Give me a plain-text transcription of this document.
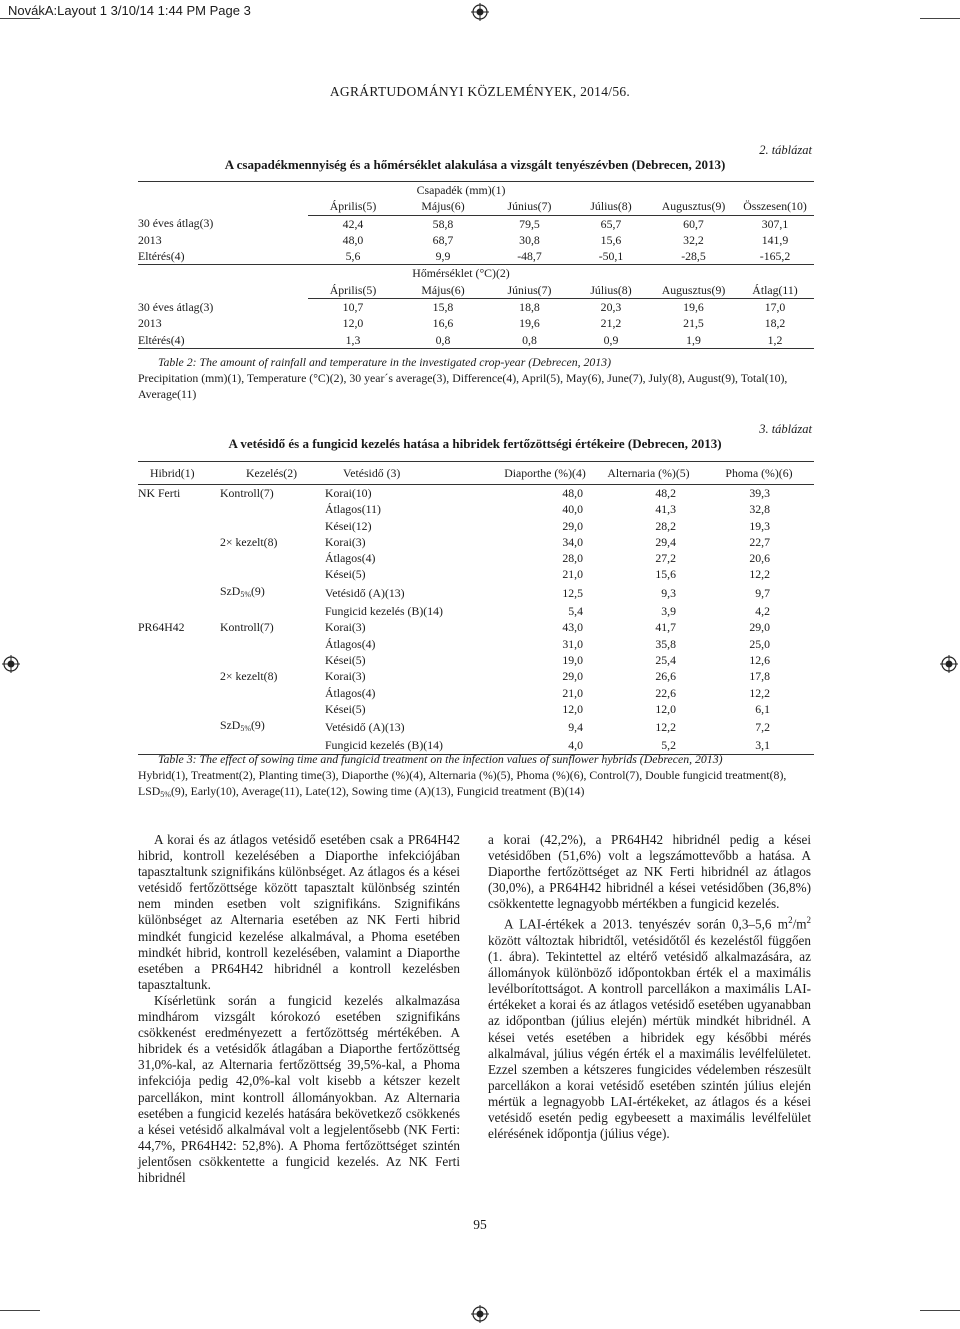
NovákA:Layout 1 3/10/14 1:44 PM Page 3
AGRÁRTUDOMÁNYI KÖZLEMÉNYEK, 2014/56.
2. táblázat
A csapadékmennyiség és a hőmérséklet alakulása a vizsgált tenyészévben (Debrecen, 2013)
	Csapadék (mm)(1)					
	Április(5)	Május(6)	Június(7)	Július(8)	Augusztus(9)	Összesen(10)
30 éves átlag(3)	42,4	58,8	79,5	65,7	60,7	307,1
2013	48,0	68,7	30,8	15,6	32,2	141,9
Eltérés(4)	5,6	9,9	-48,7	-50,1	-28,5	-165,2
	Hőmérséklet (°C)(2)					
	Április(5)	Május(6)	Június(7)	Július(8)	Augusztus(9)	Átlag(11)
30 éves átlag(3)	10,7	15,8	18,8	20,3	19,6	17,0
2013	12,0	16,6	19,6	21,2	21,5	18,2
Eltérés(4)	1,3	0,8	0,8	0,9	1,9	1,2
Table 2: The amount of rainfall and temperature in the investigated crop-year (Debrecen, 2013)
Precipitation (mm)(1), Temperature (°C)(2), 30 year´s average(3), Difference(4), April(5), May(6), June(7), July(8), August(9), Total(10), Average(11)
3. táblázat
A vetésidő és a fungicid kezelés hatása a hibridek fertőzöttségi értékeire (Debrecen, 2013)
Hibrid(1)	Kezelés(2)	Vetésidő (3)	Diaporthe (%)(4)	Alternaria (%)(5)	Phoma (%)(6)
NK Ferti	Kontroll(7)	Korai(10)	48,0	48,2	39,3
		Átlagos(11)	40,0	41,3	32,8
		Kései(12)	29,0	28,2	19,3
	2× kezelt(8)	Korai(3)	34,0	29,4	22,7
		Átlagos(4)	28,0	27,2	20,6
		Kései(5)	21,0	15,6	12,2
	SzD$_{5\%}$(9)	Vetésidő (A)(13)	12,5	9,3	9,7
		Fungicid kezelés (B)(14)	5,4	3,9	4,2
PR64H42	Kontroll(7)	Korai(3)	43,0	41,7	29,0
		Átlagos(4)	31,0	35,8	25,0
		Kései(5)	19,0	25,4	12,6
	2× kezelt(8)	Korai(3)	29,0	26,6	17,8
		Átlagos(4)	21,0	22,6	12,2
		Kései(5)	12,0	12,0	6,1
	SzD$_{5\%}$(9)	Vetésidő (A)(13)	9,4	12,2	7,2
		Fungicid kezelés (B)(14)	4,0	5,2	3,1
Table 3: The effect of sowing time and fungicid treatment on the infection values of sunflower hybrids (Debrecen, 2013)
Hybrid(1), Treatment(2), Planting time(3), Diaporthe (%)(4), Alternaria (%)(5), Phoma (%)(6), Control(7), Double fungicid treatment(8), $LSD_{5\%}(9)$, Early(10), Average(11), Late(12), Sowing time (A)(13), Fungicid treatment (B)(14)

A korai és az átlagos vetésidő esetében csak a PR64H42 hibrid, kontroll kezelésében a Diaporthe infekciójában tapasztaltunk szignifikáns különbséget. Az átlagos és a kései vetésidő fertőzöttsége között tapasztalt különbség szintén nem minden esetben volt szignifikáns. Szignifikáns különbséget az Alternaria esetében az NK Ferti hibrid mindkét fungicid kezelése alkalmával, a Phoma esetében mindkét hibrid, kontroll kezelésében, valamint a Diaporthe esetében a PR64H42 hibridnél a kontroll kezelésben tapasztaltunk.

Kísérletünk során a fungicid kezelés alkalmazása mindhárom vizsgált kórokozó esetében szignifikáns csökkenést eredményezett a fertőzöttség mértékében. A hibridek és a vetésidők átlagában a Diaporthe fertőzöttség 31,0%-kal, az Alternaria fertőzöttség 39,5%-kal, a Phoma infekciója pedig 42,0%-kal volt kisebb a kétszer kezelt parcellákon, mint kontroll állományokban. Az Alternaria esetében a fungicid kezelés hatására bekövetkező csökkenés a kései vetésidő alkalmával volt a legjelentősebb (NK Ferti: 44,7%, PR64H42: 52,8%). A Phoma fertőzöttséget szintén jelentősen csökkentette a fungicid kezelés. Az NK Ferti hibridnél

a korai (42,2%), a PR64H42 hibridnél pedig a kései vetésidőben (51,6%) volt a legszámottevőbb a hatása. A Diaporthe fertőzöttséget az NK Ferti hibridnél az átlagos (30,0%), a PR64H42 hibridnél a kései vetésidőben (36,8%) csökkentette legnagyobb mértékben a fungicid kezelés.

A LAI-értékek a 2013. tenyészév során 0,3–5,6 $m^2/m^2$ között változtak hibridtől, vetésidőtől és kezeléstől függően (1. ábra). Tekintettel az eltérő vetésidő alkalmazására, az állományok különböző időpontokban érték el a maximális levélborítottságot. A kontroll parcellákon a maximális LAI-értékeket a korai és az átlagos vetésidő esetében ugyanabban az időpontban (július elején) mértük mindkét hibridnél. A kései vetés esetében a hibridek egy későbbi mérés alkalmával, július végén érték el a maximális levélfelületet. Ezzel szemben a kétszeres fungicides védelemben részesült parcellákon a korai vetésidő esetében szintén július elején mértük a legnagyobb LAI-értékeket, az átlagos és a kései vetésidő esetén pedig egybeesett a maximális levélfelület elérésének időpontja (július vége).

95
